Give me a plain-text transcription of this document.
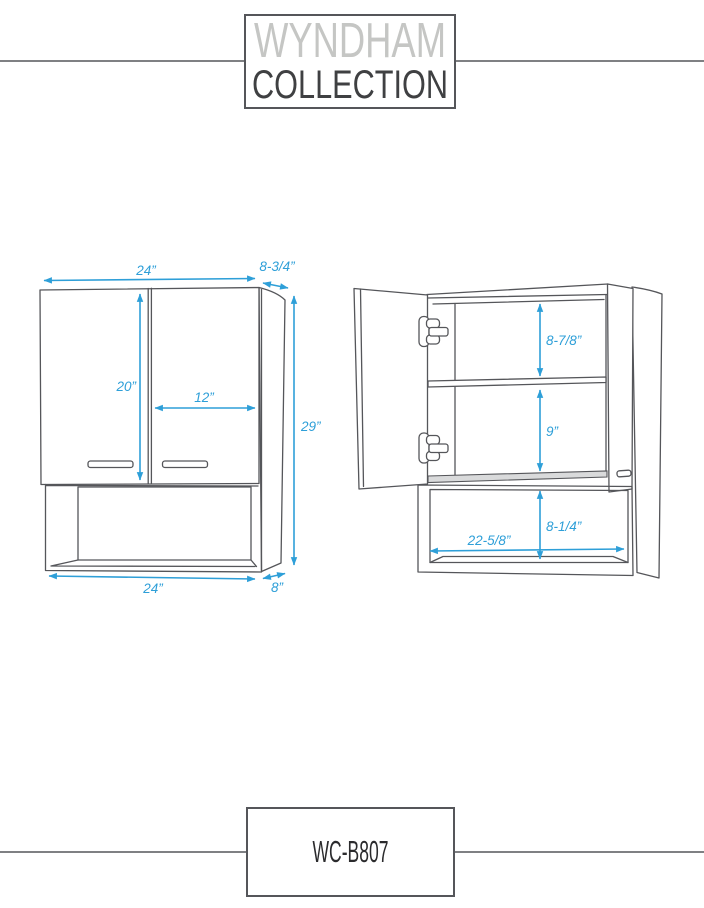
WYNDHAM
COLLECTION
24”	8-3/4”
20”
12”
29”
24”	8”
8-7/8”
9”
8-1/4”
22-5/8”
WC-B807
